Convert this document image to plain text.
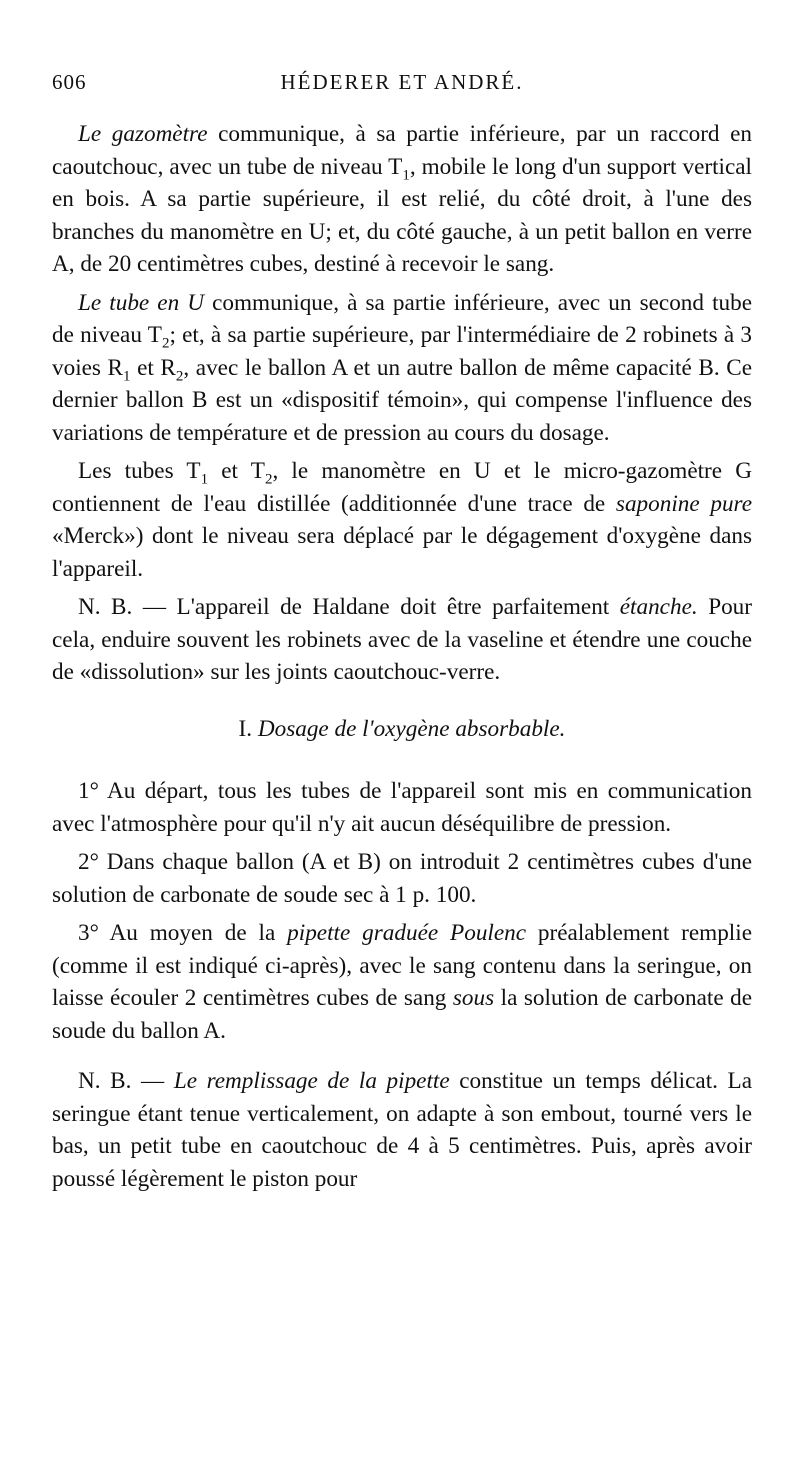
606	HÉDERER ET ANDRÉ.

Le gazomètre communique, à sa partie inférieure, par un raccord en caoutchouc, avec un tube de niveau $T_1$, mobile le long d'un support vertical en bois. A sa partie supérieure, il est relié, du côté droit, à l'une des branches du manomètre en U; et, du côté gauche, à un petit ballon en verre A, de 20 centimètres cubes, destiné à recevoir le sang.

Le tube en U communique, à sa partie inférieure, avec un second tube de niveau $T_2$; et, à sa partie supérieure, par l'intermédiaire de 2 robinets à 3 voies $R_1$ et $R_2$, avec le ballon A et un autre ballon de même capacité B. Ce dernier ballon B est un «dispositif témoin», qui compense l'influence des variations de température et de pression au cours du dosage.

Les tubes $T_1$ et $T_2$, le manomètre en U et le micro-gazomètre G contiennent de l'eau distillée (additionnée d'une trace de saponine pure «Merck») dont le niveau sera déplacé par le dégagement d'oxygène dans l'appareil.

N. B. — L'appareil de Haldane doit être parfaitement étanche. Pour cela, enduire souvent les robinets avec de la vaseline et étendre une couche de «dissolution» sur les joints caoutchouc-verre.

I. Dosage de l'oxygène absorbable.

1° Au départ, tous les tubes de l'appareil sont mis en communication avec l'atmosphère pour qu'il n'y ait aucun déséquilibre de pression.

2° Dans chaque ballon (A et B) on introduit 2 centimètres cubes d'une solution de carbonate de soude sec à 1 p. 100.

3° Au moyen de la pipette graduée Poulenc préalablement remplie (comme il est indiqué ci-après), avec le sang contenu dans la seringue, on laisse écouler 2 centimètres cubes de sang sous la solution de carbonate de soude du ballon A.

N. B. — Le remplissage de la pipette constitue un temps délicat. La seringue étant tenue verticalement, on adapte à son embout, tourné vers le bas, un petit tube en caoutchouc de 4 à 5 centimètres. Puis, après avoir poussé légèrement le piston pour
